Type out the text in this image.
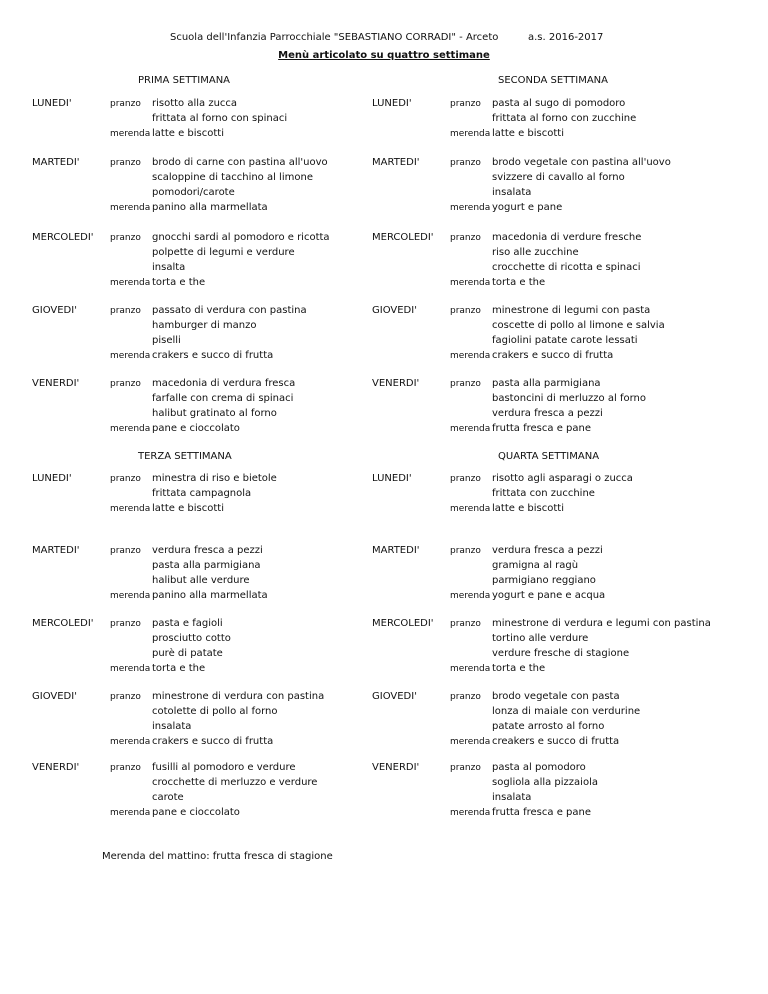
Scuola dell'Infanzia Parrocchiale "SEBASTIANO CORRADI" - Arceto	a.s. 2016-2017
Menù articolato su quattro settimane
PRIMA SETTIMANA
LUNEDI'	pranzo risotto alla zucca
frittata al forno con spinaci
merenda latte e biscotti
MARTEDI'	pranzo brodo di carne con pastina all'uovo
scaloppine di tacchino al limone
pomodori/carote
merenda panino alla marmellata
MERCOLEDI' pranzo gnocchi sardi al pomodoro e ricotta
polpette di legumi e verdure
insalta
merenda torta e the
GIOVEDI'	pranzo passato di verdura con pastina
hamburger di manzo
piselli
merenda crakers e succo di frutta
VENERDI'	pranzo macedonia di verdura fresca
farfalle con crema di spinaci
halibut gratinato al forno
merenda pane e cioccolato
SECONDA SETTIMANA
LUNEDI'	pranzo pasta al sugo di pomodoro
frittata al forno con zucchine
merenda latte e biscotti
MARTEDI'	pranzo brodo vegetale con pastina all'uovo
svizzere di cavallo al forno
insalata
merenda yogurt e pane
MERCOLEDI' pranzo macedonia di verdure fresche
riso alle zucchine
crocchette di ricotta e spinaci
merenda torta e the
GIOVEDI'	pranzo minestrone di legumi con pasta
coscette di pollo al limone e salvia
fagiolini patate carote lessati
merenda crakers e succo di frutta
VENERDI'	pranzo pasta alla parmigiana
bastoncini di merluzzo al forno
verdura fresca a pezzi
merenda frutta fresca e pane
TERZA SETTIMANA
LUNEDI'	pranzo minestra di riso e bietole
frittata campagnola
merenda latte e biscotti
MARTEDI'	pranzo verdura fresca a pezzi
pasta alla parmigiana
halibut alle verdure
merenda panino alla marmellata
MERCOLEDI' pranzo pasta e fagioli
prosciutto cotto
purè di patate
merenda torta e the
GIOVEDI'	pranzo minestrone di verdura con pastina
cotolette di pollo al forno
insalata
merenda crakers e succo di frutta
VENERDI'	pranzo fusilli al pomodoro e verdure
crocchette di merluzzo e verdure
carote
merenda pane e cioccolato
QUARTA SETTIMANA
LUNEDI'	pranzo risotto agli asparagi o zucca
frittata con zucchine
merenda latte e biscotti
MARTEDI'	pranzo verdura fresca a pezzi
gramigna al ragù
parmigiano reggiano
merenda yogurt e pane e acqua
MERCOLEDI' pranzo minestrone di verdura e legumi con pastina
tortino alle verdure
verdure fresche di stagione
merenda torta e the
GIOVEDI'	pranzo brodo vegetale con pasta
lonza di maiale con verdurine
patate arrosto al forno
merenda creakers e succo di frutta
VENERDI'	pranzo pasta al pomodoro
sogliola alla pizzaiola
insalata
merenda frutta fresca e pane
Merenda del mattino: frutta fresca di stagione
